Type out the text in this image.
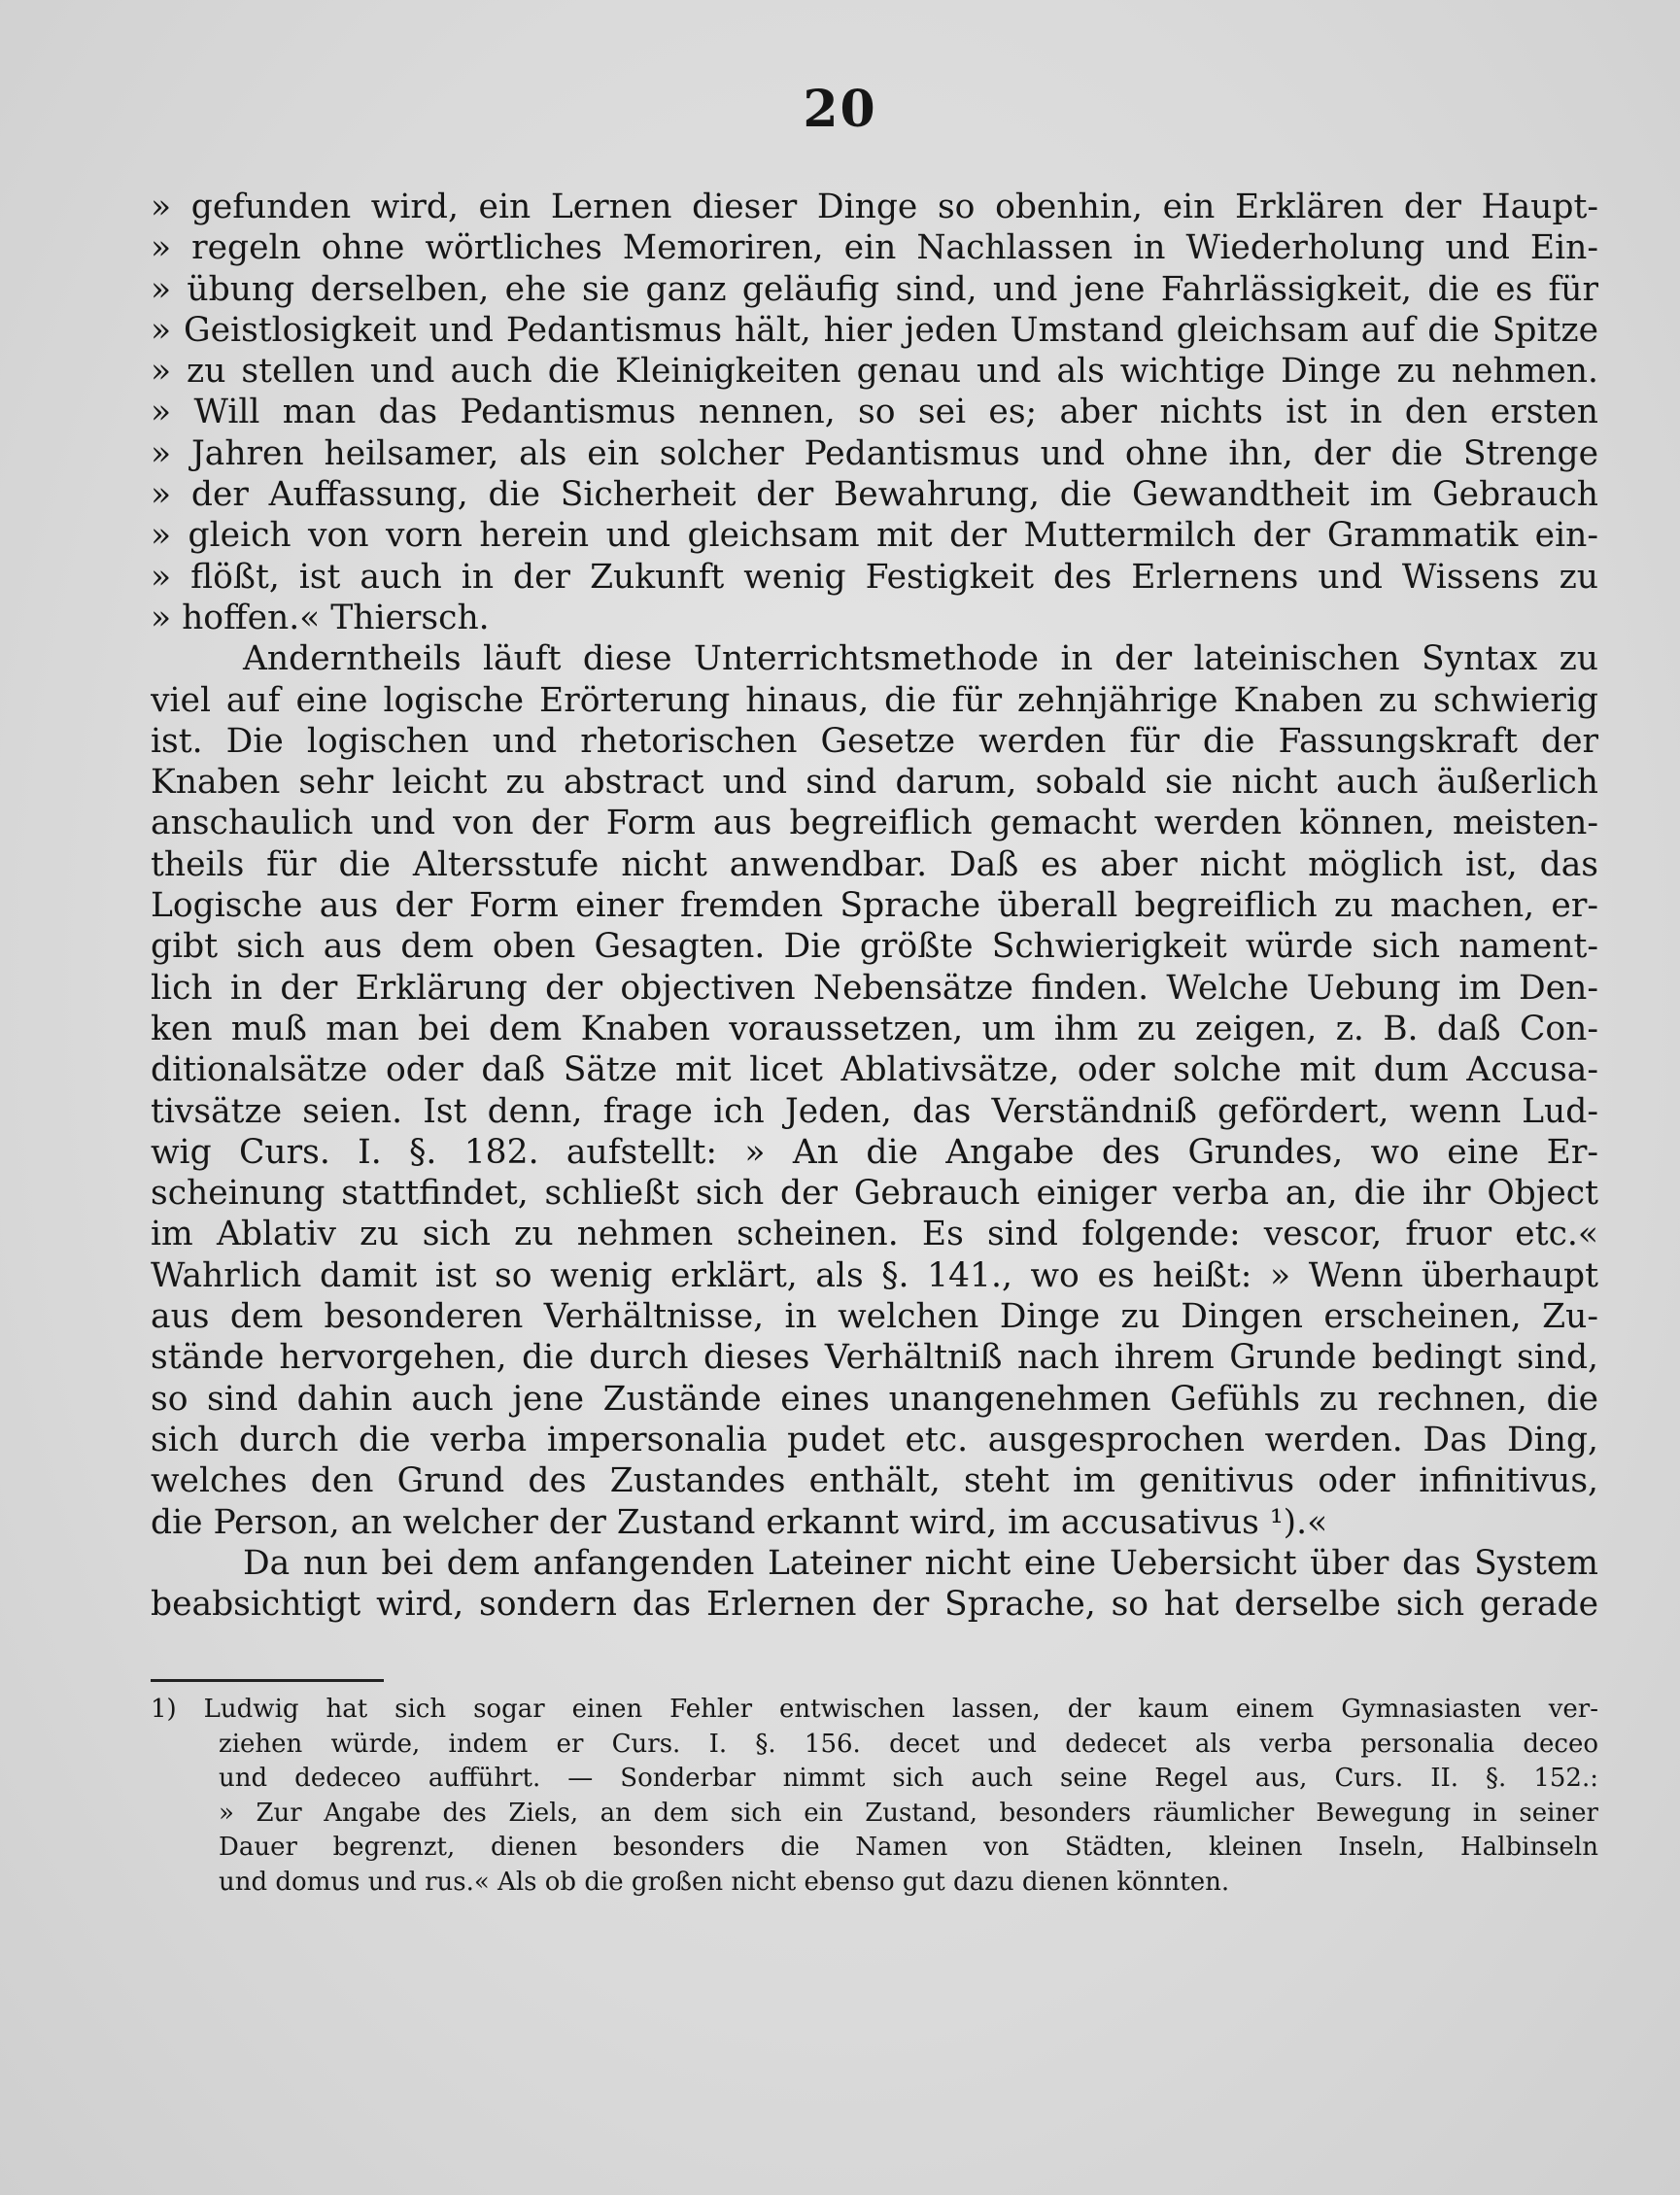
20
» gefunden wird, ein Lernen dieser Dinge so obenhin, ein Erklären der Haupt-
» regeln ohne wörtliches Memoriren, ein Nachlassen in Wiederholung und Ein-
» übung derselben, ehe sie ganz geläufig sind, und jene Fahrlässigkeit, die es für
» Geistlosigkeit und Pedantismus hält, hier jeden Umstand gleichsam auf die Spitze
» zu stellen und auch die Kleinigkeiten genau und als wichtige Dinge zu nehmen.
» Will man das Pedantismus nennen, so sei es; aber nichts ist in den ersten
» Jahren heilsamer, als ein solcher Pedantismus und ohne ihn, der die Strenge
» der Auffassung, die Sicherheit der Bewahrung, die Gewandtheit im Gebrauch
» gleich von vorn herein und gleichsam mit der Muttermilch der Grammatik ein-
» flößt, ist auch in der Zukunft wenig Festigkeit des Erlernens und Wissens zu
» hoffen.« Thiersch.
Anderntheils läuft diese Unterrichtsmethode in der lateinischen Syntax zu
viel auf eine logische Erörterung hinaus, die für zehnjährige Knaben zu schwierig
ist. Die logischen und rhetorischen Gesetze werden für die Fassungskraft der
Knaben sehr leicht zu abstract und sind darum, sobald sie nicht auch äußerlich
anschaulich und von der Form aus begreiflich gemacht werden können, meisten-
theils für die Altersstufe nicht anwendbar. Daß es aber nicht möglich ist, das
Logische aus der Form einer fremden Sprache überall begreiflich zu machen, er-
gibt sich aus dem oben Gesagten. Die größte Schwierigkeit würde sich nament-
lich in der Erklärung der objectiven Nebensätze finden. Welche Uebung im Den-
ken muß man bei dem Knaben voraussetzen, um ihm zu zeigen, z. B. daß Con-
ditionalsätze oder daß Sätze mit licet Ablativsätze, oder solche mit dum Accusa-
tivsätze seien. Ist denn, frage ich Jeden, das Verständniß gefördert, wenn Lud-
wig Curs. I. §. 182. aufstellt: » An die Angabe des Grundes, wo eine Er-
scheinung stattfindet, schließt sich der Gebrauch einiger verba an, die ihr Object
im Ablativ zu sich zu nehmen scheinen. Es sind folgende: vescor, fruor etc.«
Wahrlich damit ist so wenig erklärt, als §. 141., wo es heißt: » Wenn überhaupt
aus dem besonderen Verhältnisse, in welchen Dinge zu Dingen erscheinen, Zu-
stände hervorgehen, die durch dieses Verhältniß nach ihrem Grunde bedingt sind,
so sind dahin auch jene Zustände eines unangenehmen Gefühls zu rechnen, die
sich durch die verba impersonalia pudet etc. ausgesprochen werden. Das Ding,
welches den Grund des Zustandes enthält, steht im genitivus oder infinitivus,
die Person, an welcher der Zustand erkannt wird, im accusativus ¹).«
Da nun bei dem anfangenden Lateiner nicht eine Uebersicht über das System
beabsichtigt wird, sondern das Erlernen der Sprache, so hat derselbe sich gerade
1) Ludwig hat sich sogar einen Fehler entwischen lassen, der kaum einem Gymnasiasten ver-
ziehen würde, indem er Curs. I. §. 156. decet und dedecet als verba personalia deceo
und dedeceo aufführt. — Sonderbar nimmt sich auch seine Regel aus, Curs. II. §. 152.:
» Zur Angabe des Ziels, an dem sich ein Zustand, besonders räumlicher Bewegung in seiner
Dauer begrenzt, dienen besonders die Namen von Städten, kleinen Inseln, Halbinseln
und domus und rus.« Als ob die großen nicht ebenso gut dazu dienen könnten.
